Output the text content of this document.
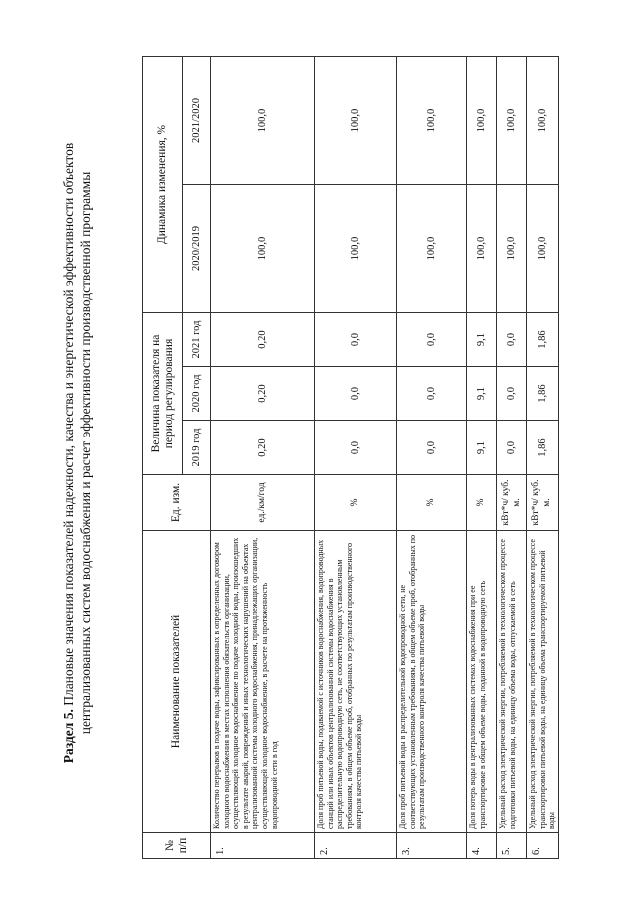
Раздел 5. Плановые значения показателей надежности, качества и энергетической эффективности объектов централизованных систем водоснабжения и расчет эффективности производственной программы
№ п/п	Наименование показателей	Ед. изм.	Величина показателя на период регулирования			Динамика изменения, %	
			2019 год	2020 год	2021 год	2020/2019	2021/2020
1.	Количество перерывов в подаче воды, зафиксированных в определенных договором холодного водоснабжения в местах исполнения обязательств организации, осуществляющей холодное водоснабжение по подаче холодной воды, произошедших в результате аварий, повреждений и иных технологических нарушений на объектах централизованной системы холодного водоснабжения, принадлежащих организации, осуществляющей холодное водоснабжение, в расчете на протяженность водопроводной сети в год	ед./км/год	0,20	0,20	0,20	100,0	100,0
2.	Доля проб питьевой воды, подаваемой с источников водоснабжения, водопроводных станций или иных объектов централизованной системы водоснабжения в распределительную водопроводную сеть, не соответствующих установленным требованиям, в общем объеме проб, отобранных по результатам производственного контроля качества питьевой воды	%	0,0	0,0	0,0	100,0	100,0
3.	Доля проб питьевой воды в распределительной водопроводной сети, не соответствующих установленным требованиям, в общем объеме проб, отобранных по результатам производственного контроля качества питьевой воды	%	0,0	0,0	0,0	100,0	100,0
4.	Доля потерь воды в централизованных системах водоснабжения при ее транспортировке в общем объеме воды, поданной в водопроводную сеть	%	9,1	9,1	9,1	100,0	100,0
5.	Удельный расход электрической энергии, потребляемой в технологическом процессе подготовки питьевой воды, на единицу объема воды, отпускаемой в сеть	кВт*ч/ куб. м.	0,0	0,0	0,0	100,0	100,0
6.	Удельный расход электрической энергии, потребляемой в технологическом процессе транспортировки питьевой воды, на единицу объема транспортируемой питьевой воды	кВт*ч/ куб. м.	1,86	1,86	1,86	100,0	100,0
